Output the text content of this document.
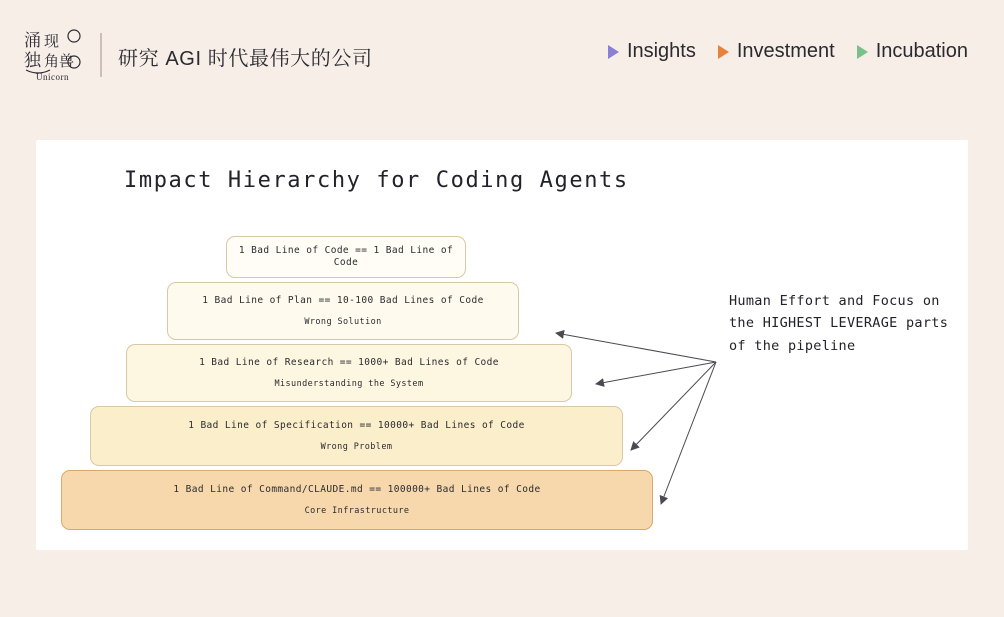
涌
独
现
角兽
Unicorn
研究 AGI 时代最伟大的公司	Insights Investment Incubation
Impact Hierarchy for Coding Agents
1 Bad Line of Code == 1 Bad Line of Code
1 Bad Line of Plan == 10-100 Bad Lines of Code
Wrong Solution
1 Bad Line of Research == 1000+ Bad Lines of Code
Misunderstanding the System
1 Bad Line of Specification == 10000+ Bad Lines of Code
Wrong Problem
1 Bad Line of Command/CLAUDE.md == 100000+ Bad Lines of Code
Core Infrastructure
Human Effort and Focus on the HIGHEST LEVERAGE parts of the pipeline
